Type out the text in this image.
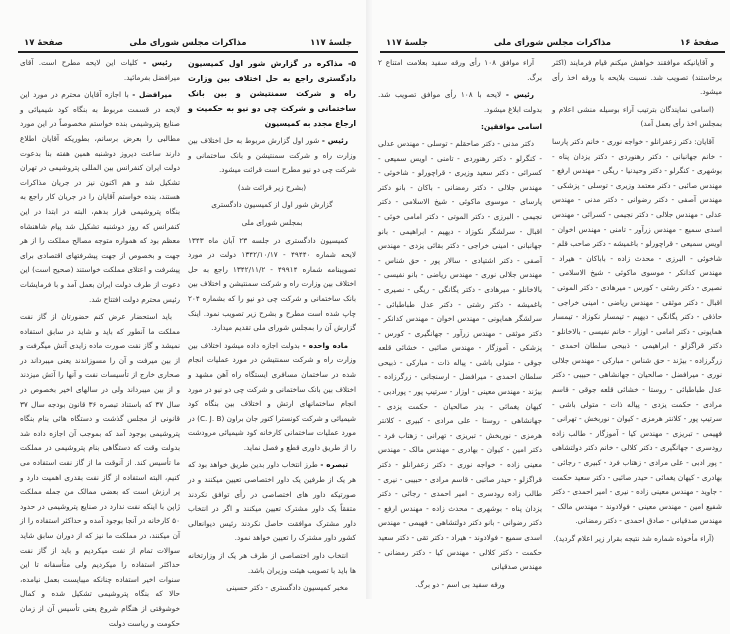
جلسهٔ ۱۱۷
مذاکرات مجلس شورای ملی
صفحهٔ ۱۷

رئیس - کلیات این لایحه مطرح است. آقای میرافضل بفرمائید.

میرافضل - با اجازه آقایان محترم در مورد این لایحه در قسمت مربوط به بنگاه کود شیمیائی و صنایع پتروشیمی بنده خواستم مخصوصاً در این مورد مطالبی را بعرض برسانم، بطوریکه آقایان اطلاع دارند ساعت دیروز دوشنبه همین هفته بنا بدعوت دولت ایران کنفرانس بین المللی پتروشیمی در تهران تشکیل شد و هم اکنون نیز در جریان مذاکرات هستند، بنده خواستم آقایان را در جریان کار راجع به بنگاه پتروشیمی قرار بدهم، البته در ابتدا در این کنفرانس که روز دوشنبه تشکیل شد پیام شاهنشاه معظم بود که همواره متوجه مصالح مملکت را از هر جهت و بخصوص از جهت پیشرفتهای اقتصادی برای پیشرفت و اعتلای مملکت خواستند (صحیح است) این دعوت از طرف دولت ایران بعمل آمد و با فرمایشات رئیس محترم دولت افتتاح شد.

باید استحضار عرض کنم حضورتان از گاز نفت مملکت ما آنطور که باید و شاید در سابق استفاده نمیشد و گاز نفت صورت ماده زایدی آتش میگرفت و از بین میرفت و آن را مسوزاندند یعنی میبرداند در صحاری خارج از تأسیسات نفت و آنها را آتش میزدند و از بین میبرداند ولی در سالهای اخیر بخصوص در سال ۳۷ که باستناد تبصره ۳۶ قانون بودجه سال ۳۷ قانونی از مجلس گذشت و دستگاه هائی بنام بنگاه پتروشیمی بوجود آمد که بموجب آن اجازه داده شد بدولت وقت که دستگاهی بنام پتروشیمی در مملکت ما تأسیس کند. از آنوقت ما از گاز نفت استفاده می کنیم، البته استفاده از گاز نفت بقدری اهمیت دارد و پر ارزش است که بعضی ممالک من جمله مملکت ژاپن با اینکه نفت ندارد در صنایع پتروشیمی در حدود ۵۰ کارخانه در آنجا بوجود آمده و حداکثر استفاده را از آن میکنند، در مملکت ما نیز که از دوران سابق شاید سوالات تمام از نفت میکردیم و باید از گاز نفت حداکثر استفاده را میکردیم ولی متأسفانه تا این سنوات اخیر استفاده چنانکه میبایست بعمل نیامده، حالا که بنگاه پتروشیمی تشکیل شده و کمال خوشوقتی از هنگام شروع یعنی تأسیس آن از زمان حکومت و ریاست دولت

۵- مذاکره در گزارش شور اول کمیسیون دادگستری راجع به حل اختلاف بین وزارت راه و شرکت سمنتیشن و بین بانک ساختمانی و شرکت چی دو نیو به حکمیت و ارجاع مجدد به کمیسیون

رئیس - شور اول گزارش مربوط به حل اختلاف بین وزارت راه و شرکت سمنتیشن و بانک ساختمانی و شرکت چی دو نیو مطرح است قرائت میشود.

(بشرح زیر قرائت شد)

گزارش شور اول از کمیسیون دادگستری

بمجلس شورای ملی

کمیسیون دادگستری در جلسه ۲۳ آبان ماه ۱۳۴۳ لایحه شماره ۴۹۴۴۰ - ۱۳۴۲/۱۰/۱۷ دولت در مورد تصویبنامه شماره ۴۹۹۱۴ - ۱۳۴۲/۱۱/۲ راجع به حل اختلاف بین وزارت راه و شرکت سمنتیشن و اختلاف بین بانک ساختمانی و شرکت چی دو نیو را که بشماره ۲۰۴ چاپ شده است مطرح و بشرح زیر تصویب نمود. اینک گزارش آن را بمجلس شورای ملی تقدیم میدارد.

ماده واحده - بدولت اجازه داده میشود اختلاف بین وزارت راه و شرکت سمنتیشن در مورد عملیات انجام شده در ساختمان مسافری ایستگاه راه آهن مشهد و اختلاف بین بانک ساختمانی و شرکت چی دو نیو در مورد انجام ساختمانهای ارتش و اختلاف بین بنگاه کود شیمیائی و شرکت کونسترا کتور جان براون (C. J. B) در مورد عملیات ساختمانی کارخانه کود شیمیائی مرودشت را از طریق داوری قطع و فصل نماید.

تبصره - طرز انتخاب داور بدین طریق خواهد بود که هر یک از طرفین یک داور اختصاصی تعیین میکنند و در صورتیکه داور های اختصاصی در رأی توافق نکردند متفقاً یک داور مشترک تعیین میکنند و اگر در انتخاب داور مشترک موافقت حاصل نکردند رئیس دیوانعالی کشور داور مشترک را تعیین خواهد نمود.

انتخاب داور اختصاصی از طرف هر یک از وزارتخانه ها باید با تصویب هیئت وزیران باشد.

مخبر کمیسیون دادگستری - دکتر حسینی

جلسهٔ ۱۱۷	مذاکرات مجلس شورای ملی	صفحهٔ ۱۶

آراء موافق ۱۰۸ رأی ورقه سفید بعلامت امتناع ۲ برگ.

رئیس - لایحه با ۱۰۸ رأی موافق تصویب شد. بدولت ابلاغ میشود.

اسامی موافقین:

دکتر مدنی - دکتر صاحقلم - توسلی - مهندس عدلی - کنگرلو - دکتر رهنوردی - تامنی - اویس سمیعی - کسرائی - دکتر سعید وزیری - قراچورلو - شاخوئی - مهندس جلالی - دکتر رمضانی - باکان - بانو دکتر پارسای - موسوی ماکوئی - شیخ الاسلامی - دکتر نجیمی - البرزی - دکتر الموتی - دکتر امامی خوئی - اقبال - سرلشگر نکوزاد - دیهیم - ابراهیمی - بانو جهانبانی - امینی خراجی - دکتر بقائی یزدی - مهندس آصفی - دکتر اشتیادی - سالار پور - حق شناس - مهندس جلالی نوری - مهندس ریاضی - بانو نفیسی - بالاخانلو - میرهادی - دکتر یگانگی - ریگی - نصیری - باغمیشه - دکتر رشتی - دکتر عدل طباطبائی - سرلشگر همایونی - مهندس اخوان - مهندس کدانکر - دکتر موثقی - مهندس زرآور - جهانگیری - کورس - پزشکی - آموزگار - مهندس صائبی - خشائی قلعه جوقی - متولی باشی - پیاله ذات - مبارکی - ذبیحی سلطان احمدی - میرافضل - ارسنجانی - زرگرزاده - بیژند - مهندس معینی - اوزار - سرتیپ پور - پورادبی - کیهان یغمائی - بدر صالحیان - حکمت یزدی - جهانشاهی - روستا - علی مرادی - کبیری - کلانتر هرمزی - نوربخش - تبریزی - تهرانی - زهتاب فرد - دکتر امین - کیوان - بهادری - مهندس مالک - مهندس معینی زاده - خواجه نوری - دکتر زعفرانلو - دکتر قراگزلو - حیدر صائبی - قاسم مرادی - حبیبی - نیری - طالب زاده رودسری - امیر احمدی - رجائی - دکتر یزدان پناه - بوشهری - محدث زاده - مهندس ارفع - دکتر رضوانی - بانو دکتر دولتشاهی - فهیمی - مهندس اسدی سمیع - فولادوند - هیراد - دکتر تقی - دکتر سعید حکمت - دکتر کلالی - مهندس کیا - دکتر رمضانی - مهندس صدقیانی

ورقه سفید بی اسم - دو برگ.

و آقایانیکه موافقند خواهش میکنم قیام فرمایند (اکثر برخاستند) تصویب شد. نسبت بلایحه با ورقه اخذ رأی میشود.

(اسامی نمایندگان بترتیب آراء بوسیله منشی اعلام و بمجلس اخذ رأی بعمل آمد)

آقایان: دکتر زعفرانلو - خواجه نوری - خانم دکتر پارسا - خانم جهانبانی - دکتر رهنوردی - دکتر یزدان پناه - بوشهری - کنگرلو - دکتر وحیدنیا - ریگی - مهندس ارفع - مهندس صائبی - دکتر معتمد وزیری - توسلی - پزشکی - مهندس آصفی - دکتر رضوانی - دکتر مدنی - مهندس عدلی - مهندس جلالی - دکتر نجیمی - کسرائی - مهندس اسدی سمیع - مهندس زرآور - تامنی - مهندس اخوان - اویس سمیعی - قراچورلو - باغمیشه - دکتر صاحب قلم - شاخوئی - البرزی - محدث زاده - باباکان - هیراد - مهندس کدانکر - موسوی ماکوئی - شیخ الاسلامی - نصیری - دکتر رشتی - کورس - میرهادی - دکتر الموتی - اقبال - دکتر موثقی - مهندس ریاضی - امینی خراجی - حاذقی - دکتر یگانگی - دیهیم - تیمسار نکوزاد - تیمسار همایونی - دکتر امامی - اوزار - خانم نفیسی - بالاخانلو - دکتر قراگزلو - ابراهیمی - ذبیحی سلطان احمدی - زرگرزاده - بیژند - حق شناس - مبارکی - مهندس جلالی نوری - میرافضل - صالحیان - جهانشاهی - حبیبی - دکتر عدل طباطبائی - روستا - خشائی قلعه جوقی - قاسم مرادی - حکمت یزدی - پیاله ذات - متولی باشی - سرتیپ پور - کلانتر هرمزی - کیوان - نوربخش - تهرانی - فهیمی - تبریزی - مهندس کیا - آموزگار - طالب زاده رودسری - جهانگیری - دکتر کلالی - خانم دکتر دولتشاهی - پور ادبی - علی مرادی - زهتاب فرد - کبیری - رجائی - بهادری - کیهان یغمائی - حیدر صائبی - دکتر سعید حکمت - جاوید - مهندس معینی زاده - نیری - امیر احمدی - دکتر شفیع امین - مهندس معینی - فولادوند - مهندس مالک - مهندس صدقیانی - صادق احمدی - دکتر رمضانی.

(آراء مأخوذه شماره شد نتیجه بقرار زیر اعلام گردید).
